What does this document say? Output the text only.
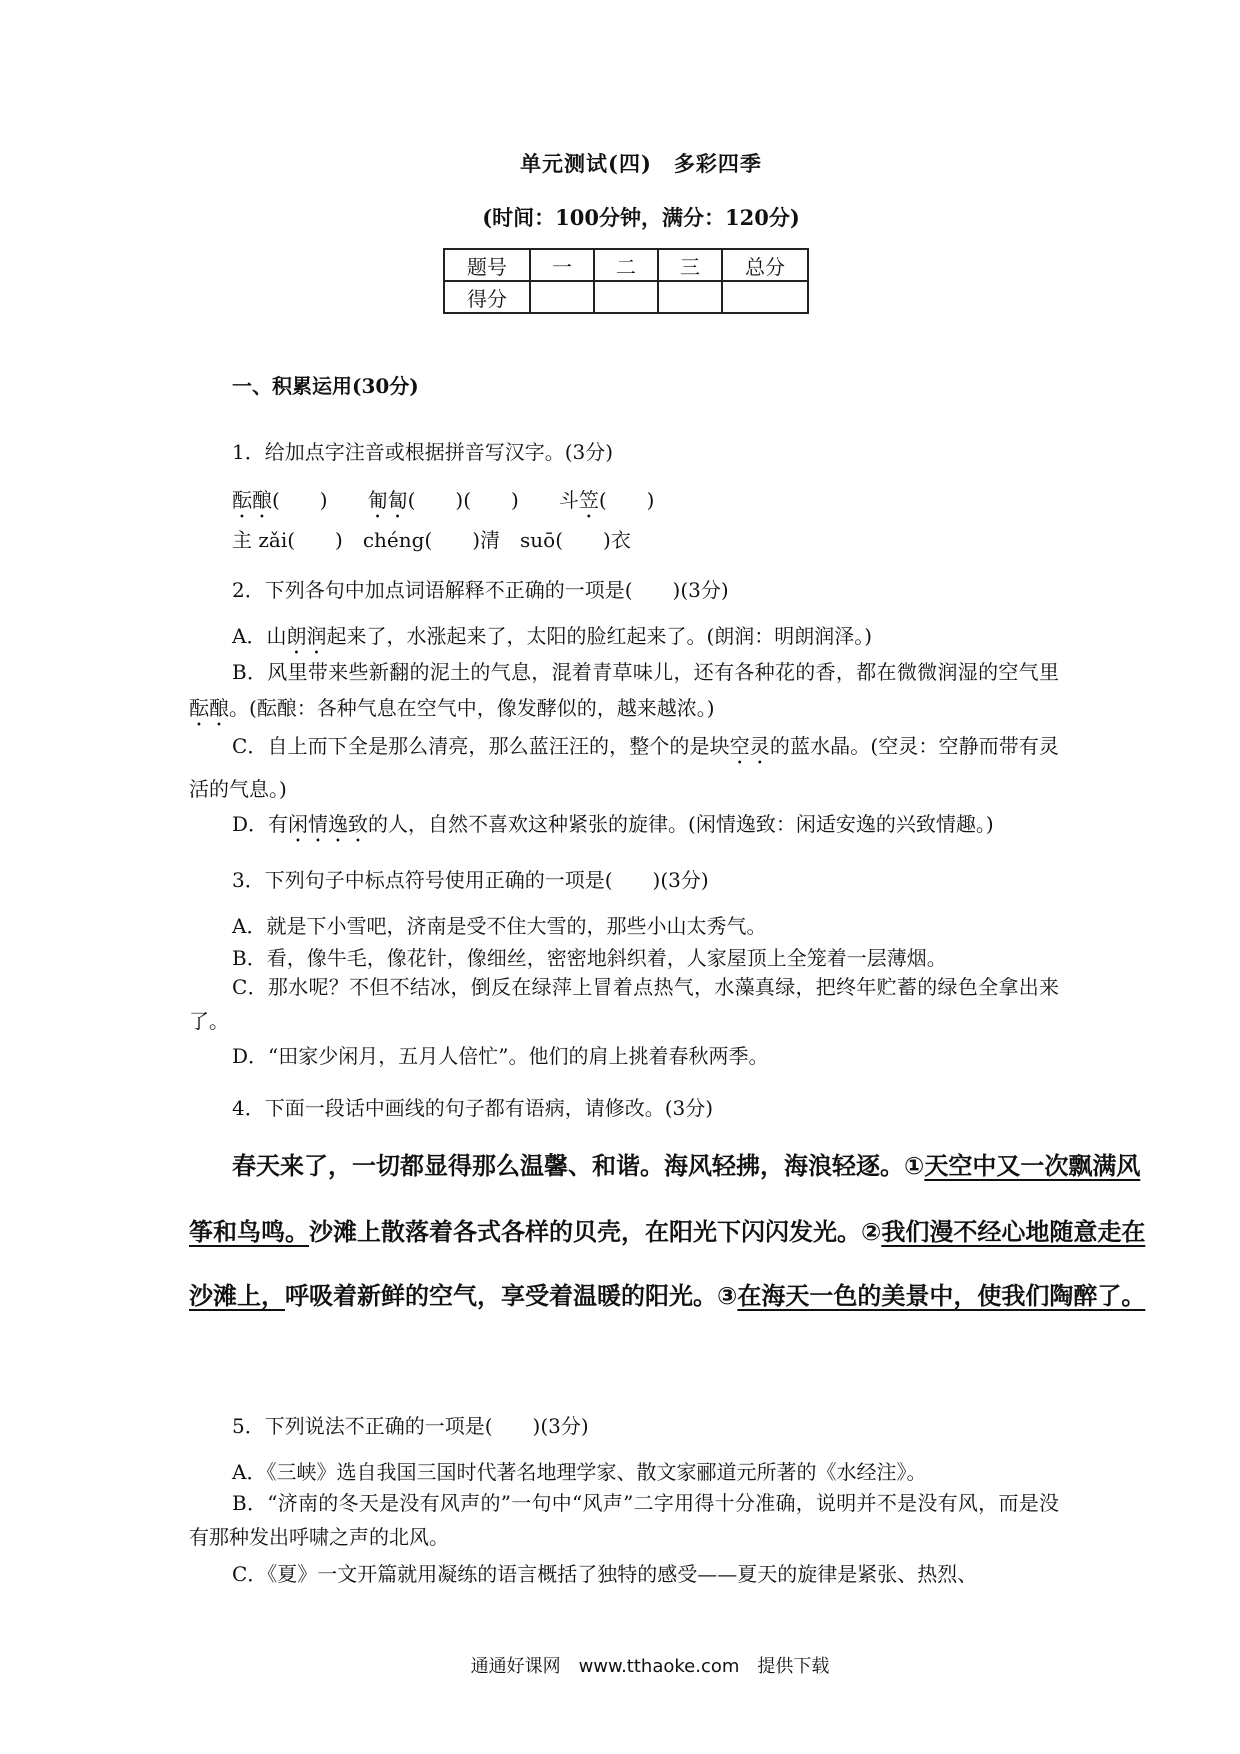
单元测试(四)　多彩四季
(时间：100分钟，满分：120分)
题号	一	二	三	总分
得分				
一、积累运用(30分)
1．给加点字注音或根据拼音写汉字。(3分)
酝酿(　　)　　匍匐(　　)(　　)　　斗笠(　　)
主 zǎi(　　)　chéng(　　)清　suō(　　)衣
2．下列各句中加点词语解释不正确的一项是(　　)(3分)
A．山朗润起来了，水涨起来了，太阳的脸红起来了。(朗润：明朗润泽。)
B．风里带来些新翻的泥土的气息，混着青草味儿，还有各种花的香，都在微微润湿的空气里酝酿。(酝酿：各种气息在空气中，像发酵似的，越来越浓。)
C．自上而下全是那么清亮，那么蓝汪汪的，整个的是块空灵的蓝水晶。(空灵：空静而带有灵活的气息。)
D．有闲情逸致的人，自然不喜欢这种紧张的旋律。(闲情逸致：闲适安逸的兴致情趣。)
3．下列句子中标点符号使用正确的一项是(　　)(3分)
A．就是下小雪吧，济南是受不住大雪的，那些小山太秀气。
B．看，像牛毛，像花针，像细丝，密密地斜织着，人家屋顶上全笼着一层薄烟。
C．那水呢？不但不结冰，倒反在绿萍上冒着点热气，水藻真绿，把终年贮蓄的绿色全拿出来了。
D．“田家少闲月，五月人倍忙”。他们的肩上挑着春秋两季。
4．下面一段话中画线的句子都有语病，请修改。(3分)
春天来了，一切都显得那么温馨、和谐。海风轻拂，海浪轻逐。①天空中又一次飘满风
筝和鸟鸣。沙滩上散落着各式各样的贝壳，在阳光下闪闪发光。②我们漫不经心地随意走在
沙滩上，呼吸着新鲜的空气，享受着温暖的阳光。③在海天一色的美景中，使我们陶醉了。
5．下列说法不正确的一项是(　　)(3分)
A．《三峡》选自我国三国时代著名地理学家、散文家郦道元所著的《水经注》。
B．“济南的冬天是没有风声的”一句中“风声”二字用得十分准确，说明并不是没有风，而是没有那种发出呼啸之声的北风。
C．《夏》一文开篇就用凝练的语言概括了独特的感受——夏天的旋律是紧张、热烈、
通通好课网　www.tthaoke.com　提供下载
